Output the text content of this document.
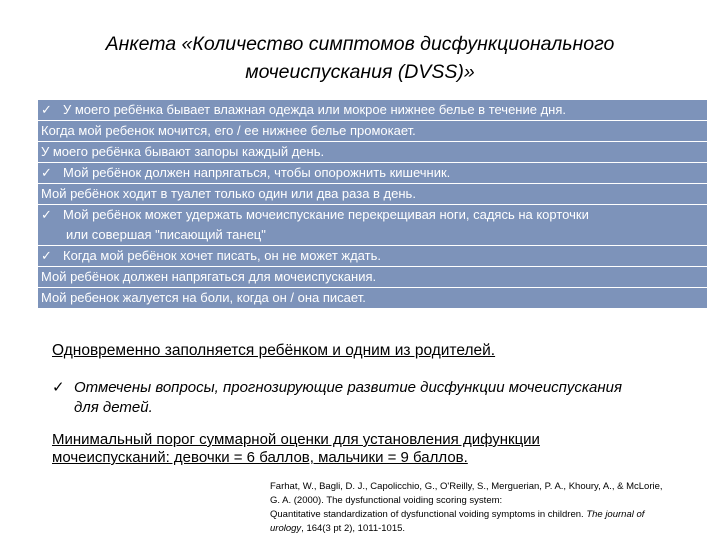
Анкета «Количество симптомов дисфункционального
мочеиспускания (DVSS)»
✓ У моего ребёнка бывает влажная одежда или мокрое нижнее белье в течение дня.
Когда мой ребенок мочится, его / ее нижнее белье промокает.
У моего ребёнка бывают запоры каждый день.
✓ Мой ребёнок должен напрягаться, чтобы опорожнить кишечник.
Мой ребёнок ходит в туалет только один или два раза в день.
✓ Мой ребёнок может удержать мочеиспускание перекрещивая ноги, садясь на корточки
или совершая "писающий танец"
✓ Когда мой ребёнок хочет писать, он не может ждать.
Мой ребёнок должен напрягаться для мочеиспускания.
Мой ребенок жалуется на боли, когда он / она писает.
Одновременно заполняется ребёнком и одним из родителей.
✓ Отмечены вопросы, прогнозирующие развитие дисфункции мочеиспускания
для детей.
Минимальный порог суммарной оценки для установления дифункции
мочеиспусканий: девочки = 6 баллов, мальчики = 9 баллов.
Farhat, W., Bagli, D. J., Capolicchio, G., O'Reilly, S., Merguerian, P. A., Khoury, A., & McLorie,
G. A. (2000). The dysfunctional voiding scoring system:
Quantitative standardization of dysfunctional voiding symptoms in children. The journal of
urology, 164(3 pt 2), 1011-1015.
